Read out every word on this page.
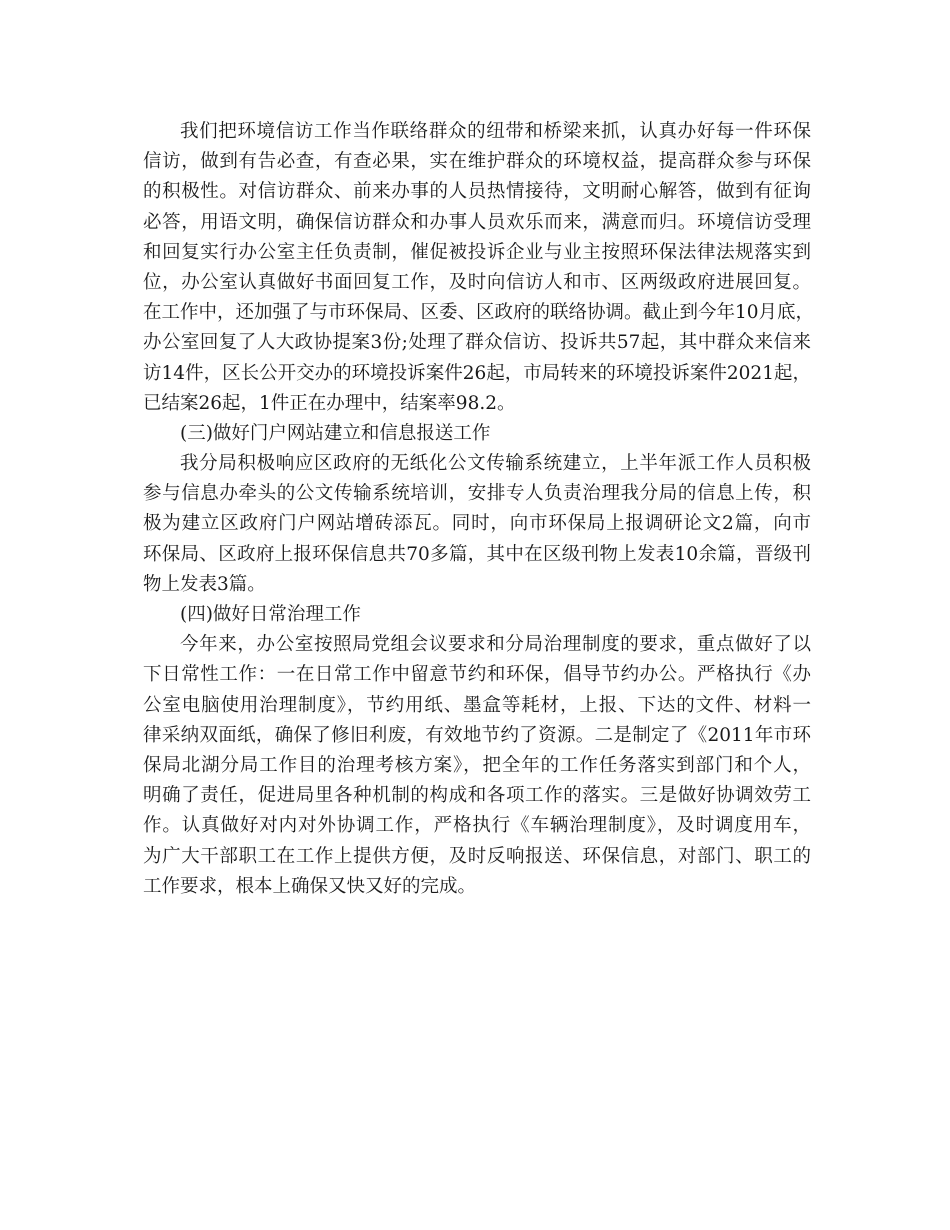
我们把环境信访工作当作联络群众的纽带和桥梁来抓，认真办好每一件环保
信访，做到有告必查，有查必果，实在维护群众的环境权益，提高群众参与环保
的积极性。对信访群众、前来办事的人员热情接待，文明耐心解答，做到有征询
必答，用语文明，确保信访群众和办事人员欢乐而来，满意而归。环境信访受理
和回复实行办公室主任负责制，催促被投诉企业与业主按照环保法律法规落实到
位，办公室认真做好书面回复工作，及时向信访人和市、区两级政府进展回复。
在工作中，还加强了与市环保局、区委、区政府的联络协调。截止到今年10月底，
办公室回复了人大政协提案3份;处理了群众信访、投诉共57起，其中群众来信来
访14件，区长公开交办的环境投诉案件26起，市局转来的环境投诉案件2021起，
已结案26起，1件正在办理中，结案率98.2。
(三)做好门户网站建立和信息报送工作
我分局积极响应区政府的无纸化公文传输系统建立，上半年派工作人员积极
参与信息办牵头的公文传输系统培训，安排专人负责治理我分局的信息上传，积
极为建立区政府门户网站增砖添瓦。同时，向市环保局上报调研论文2篇，向市
环保局、区政府上报环保信息共70多篇，其中在区级刊物上发表10余篇，晋级刊
物上发表3篇。
(四)做好日常治理工作
今年来，办公室按照局党组会议要求和分局治理制度的要求，重点做好了以
下日常性工作：一在日常工作中留意节约和环保，倡导节约办公。严格执行《办
公室电脑使用治理制度》，节约用纸、墨盒等耗材，上报、下达的文件、材料一
律采纳双面纸，确保了修旧利废，有效地节约了资源。二是制定了《2011年市环
保局北湖分局工作目的治理考核方案》，把全年的工作任务落实到部门和个人，
明确了责任，促进局里各种机制的构成和各项工作的落实。三是做好协调效劳工
作。认真做好对内对外协调工作，严格执行《车辆治理制度》，及时调度用车，
为广大干部职工在工作上提供方便，及时反响报送、环保信息，对部门、职工的
工作要求，根本上确保又快又好的完成。
